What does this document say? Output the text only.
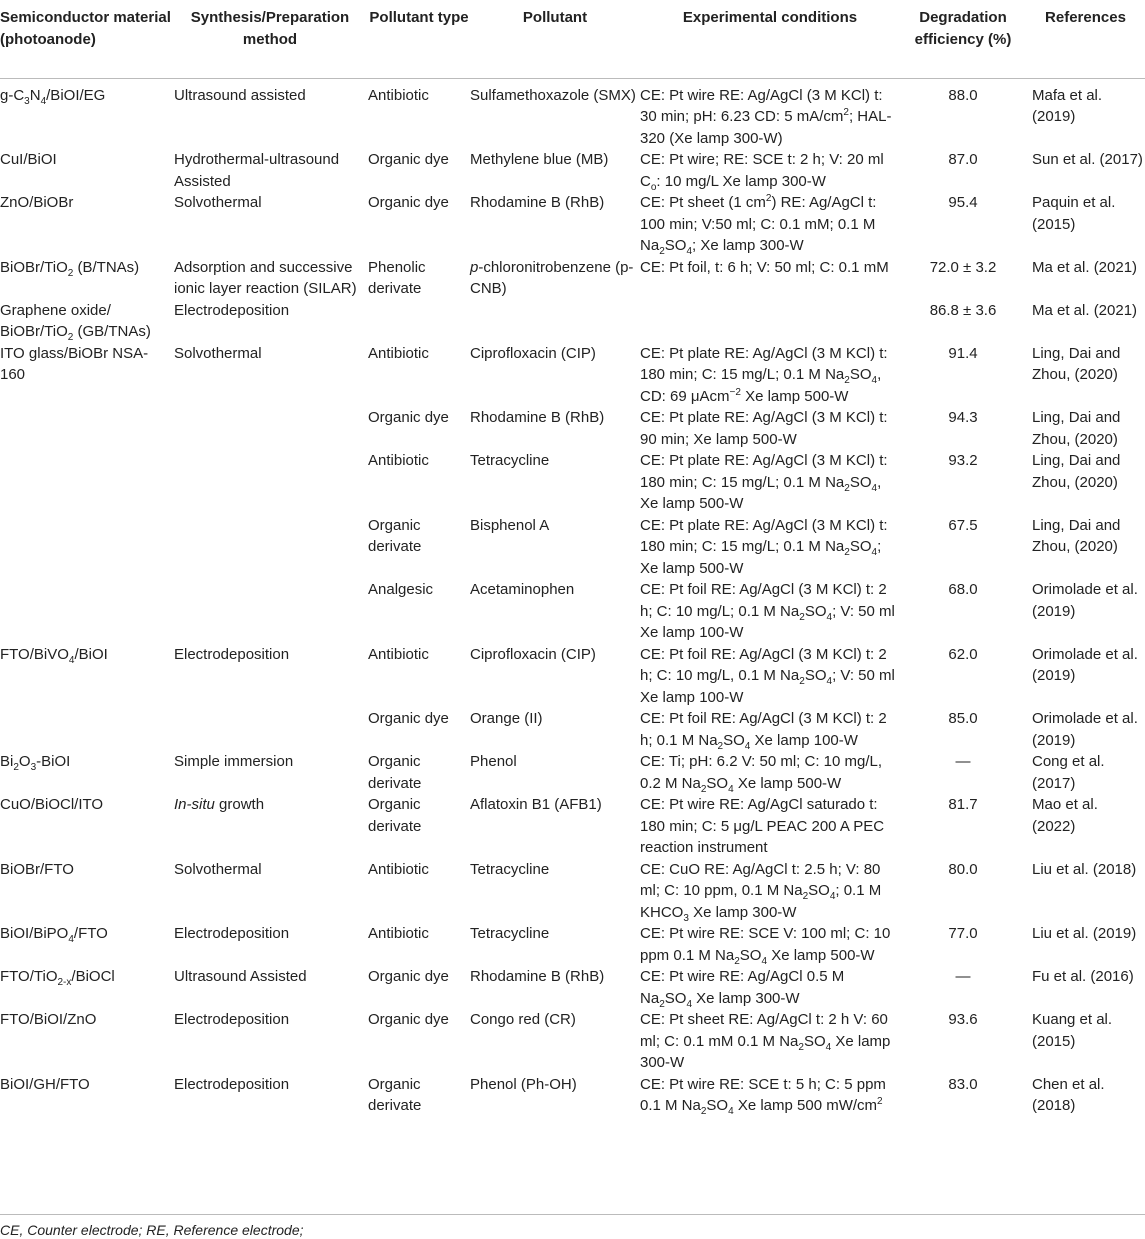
Semiconductor material (photoanode)	Synthesis/Preparation method	Pollutant type	Pollutant	Experimental conditions	Degradation efficiency (%)	References
$g-C_3N_4/BiOI/EG$	Ultrasound assisted	Antibiotic	Sulfamethoxazole (SMX)	CE: Pt wire RE: Ag/AgCl (3 M KCl) t: 30 min; pH: 6.23 CD: 5 $mA/cm^2$; HAL-320 (Xe lamp 300-W)	88.0	Mafa et al. (2019)
CuI/BiOI	Hydrothermal-ultrasound Assisted	Organic dye	Methylene blue (MB)	CE: Pt wire; RE: SCE t: 2 h; V: 20 ml $C_o$: 10 mg/L Xe lamp 300-W	87.0	Sun et al. (2017)
ZnO/BiOBr	Solvothermal	Organic dye	Rhodamine B (RhB)	CE: Pt sheet (1 $cm^2$) RE: Ag/AgCl t: 100 min; V:50 ml; C: 0.1 mM; 0.1 M $Na_2SO_4$; Xe lamp 300-W	95.4	Paquin et al. (2015)
BiOBr/TiO$_2$ (B/TNAs)	Adsorption and successive ionic layer reaction (SILAR)	Phenolic derivate	p-chloronitrobenzene (p-CNB)	CE: Pt foil, t: 6 h; V: 50 ml; C: 0.1 mM	72.0 ± 3.2	Ma et al. (2021)
Graphene oxide/ BiOBr/TiO$_2$ (GB/TNAs)	Electrodeposition				86.8 ± 3.6	Ma et al. (2021)
ITO glass/BiOBr NSA-160	Solvothermal	Antibiotic	Ciprofloxacin (CIP)	CE: Pt plate RE: Ag/AgCl (3 M KCl) t: 180 min; C: 15 mg/L; 0.1 M $Na_2SO_4$, CD: 69 μAcm$^{-2}$ Xe lamp 500-W	91.4	Ling, Dai and Zhou, (2020)
		Organic dye	Rhodamine B (RhB)	CE: Pt plate RE: Ag/AgCl (3 M KCl) t: 90 min; Xe lamp 500-W	94.3	Ling, Dai and Zhou, (2020)
		Antibiotic	Tetracycline	CE: Pt plate RE: Ag/AgCl (3 M KCl) t: 180 min; C: 15 mg/L; 0.1 M $Na_2SO_4$, Xe lamp 500-W	93.2	Ling, Dai and Zhou, (2020)
		Organic derivate	Bisphenol A	CE: Pt plate RE: Ag/AgCl (3 M KCl) t: 180 min; C: 15 mg/L; 0.1 M $Na_2SO_4$; Xe lamp 500-W	67.5	Ling, Dai and Zhou, (2020)
		Analgesic	Acetaminophen	CE: Pt foil RE: Ag/AgCl (3 M KCl) t: 2 h; C: 10 mg/L; 0.1 M $Na_2SO_4$; V: 50 ml Xe lamp 100-W	68.0	Orimolade et al. (2019)
FTO/BiVO$_4$/BiOI	Electrodeposition	Antibiotic	Ciprofloxacin (CIP)	CE: Pt foil RE: Ag/AgCl (3 M KCl) t: 2 h; C: 10 mg/L, 0.1 M $Na_2SO_4$; V: 50 ml Xe lamp 100-W	62.0	Orimolade et al. (2019)
		Organic dye	Orange (II)	CE: Pt foil RE: Ag/AgCl (3 M KCl) t: 2 h; 0.1 M $Na_2SO_4$ Xe lamp 100-W	85.0	Orimolade et al. (2019)
$Bi_2O_3$-BiOI	Simple immersion	Organic derivate	Phenol	CE: Ti; pH: 6.2 V: 50 ml; C: 10 mg/L, 0.2 M $Na_2SO_4$ Xe lamp 500-W	—	Cong et al. (2017)
CuO/BiOCl/ITO	In-situ growth	Organic derivate	Aflatoxin B1 (AFB1)	CE: Pt wire RE: Ag/AgCl saturado t: 180 min; C: 5 μg/L PEAC 200 A PEC reaction instrument	81.7	Mao et al. (2022)
BiOBr/FTO	Solvothermal	Antibiotic	Tetracycline	CE: CuO RE: Ag/AgCl t: 2.5 h; V: 80 ml; C: 10 ppm, 0.1 M $Na_2SO_4$; 0.1 M $KHCO_3$ Xe lamp 300-W	80.0	Liu et al. (2018)
BiOI/BiPO$_4$/FTO	Electrodeposition	Antibiotic	Tetracycline	CE: Pt wire RE: SCE V: 100 ml; C: 10 ppm 0.1 M $Na_2SO_4$ Xe lamp 500-W	77.0	Liu et al. (2019)
FTO/TiO$_{2-x}$/BiOCl	Ultrasound Assisted	Organic dye	Rhodamine B (RhB)	CE: Pt wire RE: Ag/AgCl 0.5 M $Na_2SO_4$ Xe lamp 300-W	—	Fu et al. (2016)
FTO/BiOI/ZnO	Electrodeposition	Organic dye	Congo red (CR)	CE: Pt sheet RE: Ag/AgCl t: 2 h V: 60 ml; C: 0.1 mM 0.1 M $Na_2SO_4$ Xe lamp 300-W	93.6	Kuang et al. (2015)
BiOI/GH/FTO	Electrodeposition	Organic derivate	Phenol (Ph-OH)	CE: Pt wire RE: SCE t: 5 h; C: 5 ppm 0.1 M $Na_2SO_4$ Xe lamp 500 $mW/cm^2$	83.0	Chen et al. (2018)
CE, Counter electrode; RE, Reference electrode;
